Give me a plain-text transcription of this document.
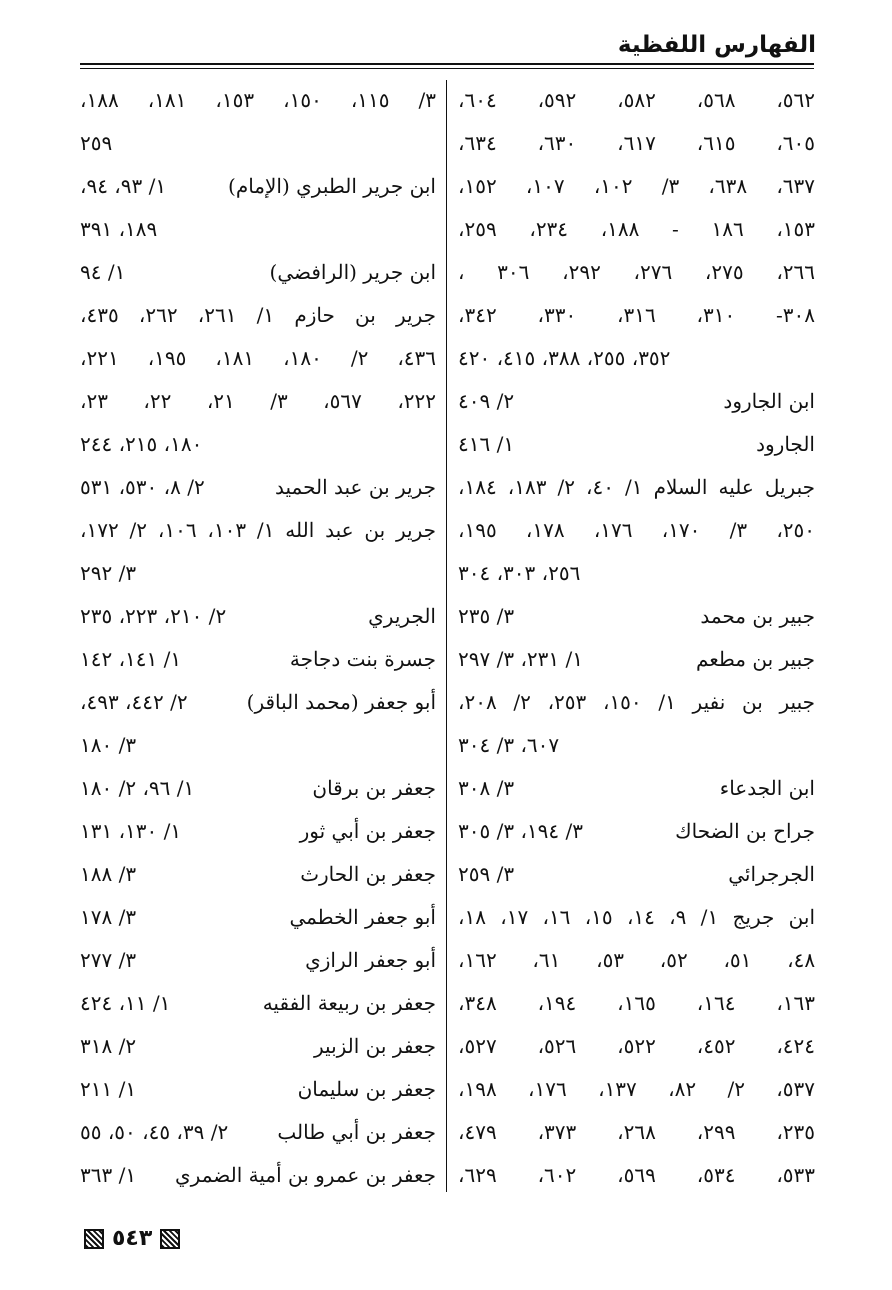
الفهارس اللفظية
٥٦٢، ٥٦٨، ٥٨٢، ٥٩٢، ٦٠٤،
٦٠٥، ٦١٥، ٦١٧، ٦٣٠، ٦٣٤،
٦٣٧، ٦٣٨، ٣/ ١٠٢، ١٠٧، ١٥٢،
١٥٣، ١٨٦ - ١٨٨، ٢٣٤، ٢٥٩،
٢٦٦، ٢٧٥، ٢٧٦، ٢٩٢، ٣٠٦ ،
٣٠٨- ٣١٠، ٣١٦، ٣٣٠، ٣٤٢،
٣٥٢، ٢٥٥، ٣٨٨، ٤١٥، ٤٢٠
ابن الجارود
٢/ ٤٠٩
الجارود
١/ ٤١٦
جبريل عليه السلام ١/ ٤٠، ٢/ ١٨٣، ١٨٤،
٢٥٠، ٣/ ١٧٠، ١٧٦، ١٧٨، ١٩٥،
٢٥٦، ٣٠٣، ٣٠٤
جبير بن محمد
٣/ ٢٣٥
جبير بن مطعم
١/ ٢٣١، ٣/ ٢٩٧
جبير بن نفير ١/ ١٥٠، ٢٥٣، ٢/ ٢٠٨،
٦٠٧، ٣/ ٣٠٤
ابن الجدعاء
٣/ ٣٠٨
جراح بن الضحاك
٣/ ١٩٤، ٣/ ٣٠٥
الجرجرائي
٣/ ٢٥٩
ابن جريج ١/ ٩، ١٤، ١٥، ١٦، ١٧، ١٨،
٤٨، ٥١، ٥٢، ٥٣، ٦١، ١٦٢،
١٦٣، ١٦٤، ١٦٥، ١٩٤، ٣٤٨،
٤٢٤، ٤٥٢، ٥٢٢، ٥٢٦، ٥٢٧،
٥٣٧، ٢/ ٨٢، ١٣٧، ١٧٦، ١٩٨،
٢٣٥، ٢٩٩، ٢٦٨، ٣٧٣، ٤٧٩،
٥٣٣، ٥٣٤، ٥٦٩، ٦٠٢، ٦٢٩،
٣/ ١١٥، ١٥٠، ١٥٣، ١٨١، ١٨٨،
٢٥٩
ابن جرير الطبري (الإمام)
١/ ٩٣، ٩٤،
١٨٩، ٣٩١
ابن جرير (الرافضي)
١/ ٩٤
جرير بن حازم ١/ ٢٦١، ٢٦٢، ٤٣٥،
٤٣٦، ٢/ ١٨٠، ١٨١، ١٩٥، ٢٢١،
٢٢٢، ٥٦٧، ٣/ ٢١، ٢٢، ٢٣،
١٨٠، ٢١٥، ٢٤٤
جرير بن عبد الحميد
٢/ ٨، ٥٣٠، ٥٣١
جرير بن عبد الله ١/ ١٠٣، ١٠٦، ٢/ ١٧٢،
٣/ ٢٩٢
الجريري
٢/ ٢١٠، ٢٢٣، ٢٣٥
جسرة بنت دجاجة
١/ ١٤١، ١٤٢
أبو جعفر (محمد الباقر)
٢/ ٤٤٢، ٤٩٣،
٣/ ١٨٠
جعفر بن برقان
١/ ٩٦، ٢/ ١٨٠
جعفر بن أبي ثور
١/ ١٣٠، ١٣١
جعفر بن الحارث
٣/ ١٨٨
أبو جعفر الخطمي
٣/ ١٧٨
أبو جعفر الرازي
٣/ ٢٧٧
جعفر بن ربيعة الفقيه
١/ ١١، ٤٢٤
جعفر بن الزبير
٢/ ٣١٨
جعفر بن سليمان
١/ ٢١١
جعفر بن أبي طالب
٢/ ٣٩، ٤٥، ٥٠، ٥٥
جعفر بن عمرو بن أمية الضمري
١/ ٣٦٣
٥٤٣
